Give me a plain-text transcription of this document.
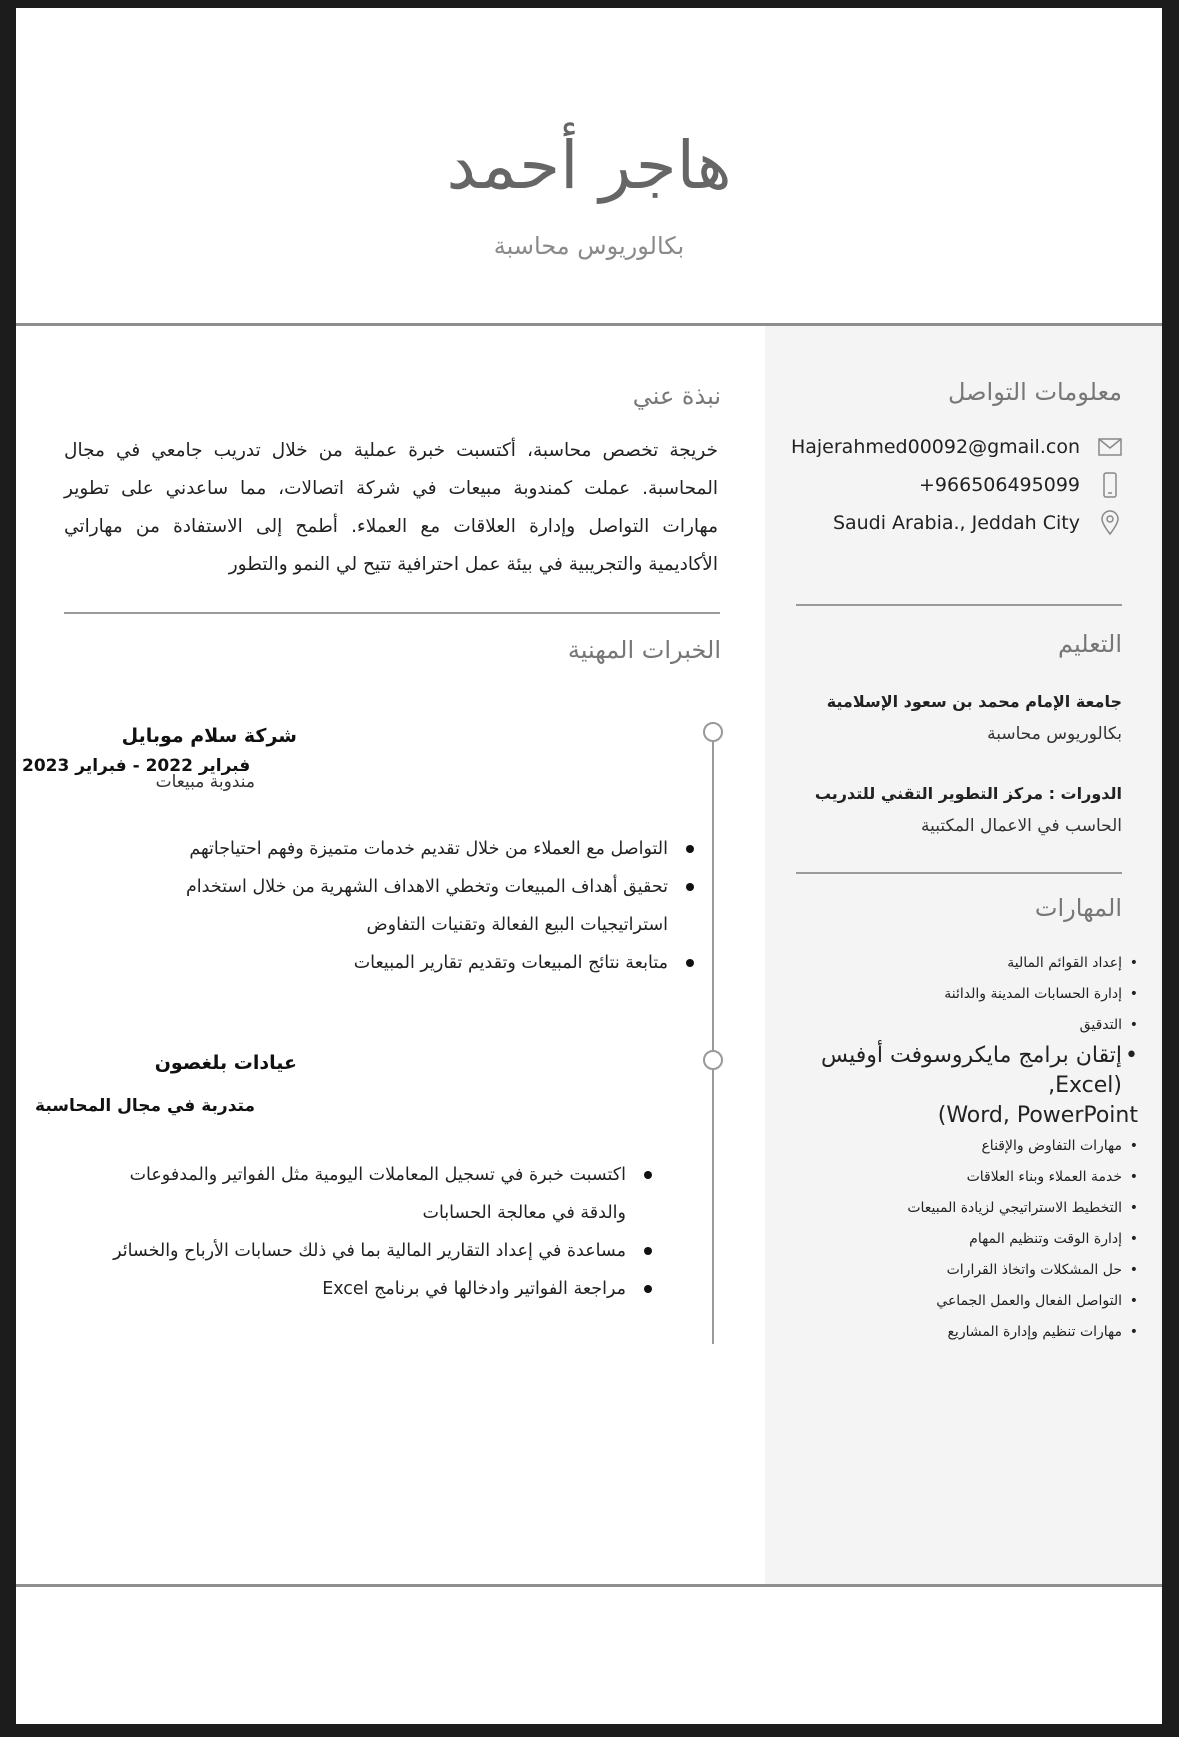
هاجر أحمد
بكالوريوس محاسبة
معلومات التواصل
Hajerahmed00092@gmail.con
+966506495099
Saudi Arabia., Jeddah City
التعليم
جامعة الإمام محمد بن سعود الإسلامية
بكالوريوس محاسبة
الدورات : مركز التطوير التقني للتدريب
الحاسب في الاعمال المكتبية
المهارات
• إعداد القوائم المالية
• إدارة الحسابات المدينة والدائنة
• التدقيق
• إتقان برامج مايكروسوفت أوفيس (Excel,
Word, PowerPoint)
• مهارات التفاوض والإقناع
• خدمة العملاء وبناء العلاقات
• التخطيط الاستراتيجي لزيادة المبيعات
• إدارة الوقت وتنظيم المهام
• حل المشكلات واتخاذ القرارات
• التواصل الفعال والعمل الجماعي
• مهارات تنظيم وإدارة المشاريع
نبذة عني
خريجة تخصص محاسبة، أكتسبت خبرة عملية من خلال تدريب جامعي في مجال المحاسبة. عملت كمندوبة مبيعات في شركة اتصالات، مما ساعدني على تطوير مهارات التواصل وإدارة العلاقات مع العملاء. أطمح إلى الاستفادة من مهاراتي الأكاديمية والتجريبية في بيئة عمل احترافية تتيح لي النمو والتطور
الخبرات المهنية
شركة سلام موبايل
فبراير 2022 - فبراير 2023
مندوبة مبيعات
التواصل مع العملاء من خلال تقديم خدمات متميزة وفهم احتياجاتهم
تحقيق أهداف المبيعات وتخطي الاهداف الشهرية من خلال استخدام استراتيجيات البيع الفعالة وتقنيات التفاوض
متابعة نتائج المبيعات وتقديم تقارير المبيعات
عيادات بلغصون
متدربة في مجال المحاسبة
اكتسبت خبرة في تسجيل المعاملات اليومية مثل الفواتير والمدفوعات والدقة في معالجة الحسابات
مساعدة في إعداد التقارير المالية بما في ذلك حسابات الأرباح والخسائر
مراجعة الفواتير وادخالها في برنامج Excel
